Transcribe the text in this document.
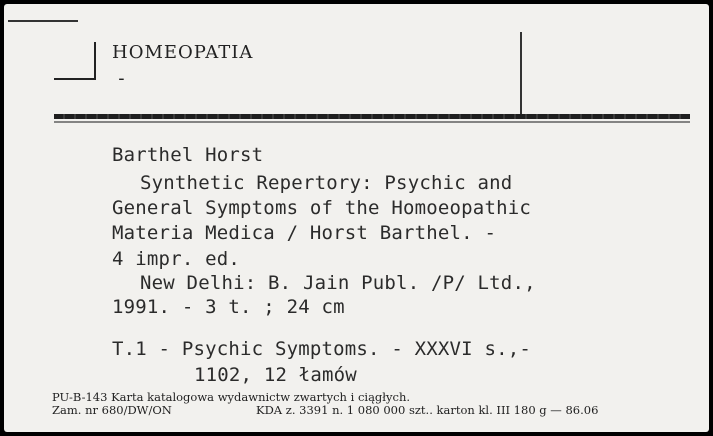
HOMEOPATIA
-
Barthel Horst
Synthetic Repertory: Psychic and
General Symptoms of the Homoeopathic
Materia Medica / Horst Barthel. -
4 impr. ed.
New Delhi: B. Jain Publ. /P/ Ltd.,
1991. - 3 t. ; 24 cm
T.1 - Psychic Symptoms. - XXXVI s.,-
1102, 12 łamów
PU-B-143 Karta katalogowa wydawnictw zwartych i ciągłych.
Zam. nr 680/DW/ON	KDA z. 3391 n. 1 080 000 szt.. karton kl. III 180 g — 86.06
